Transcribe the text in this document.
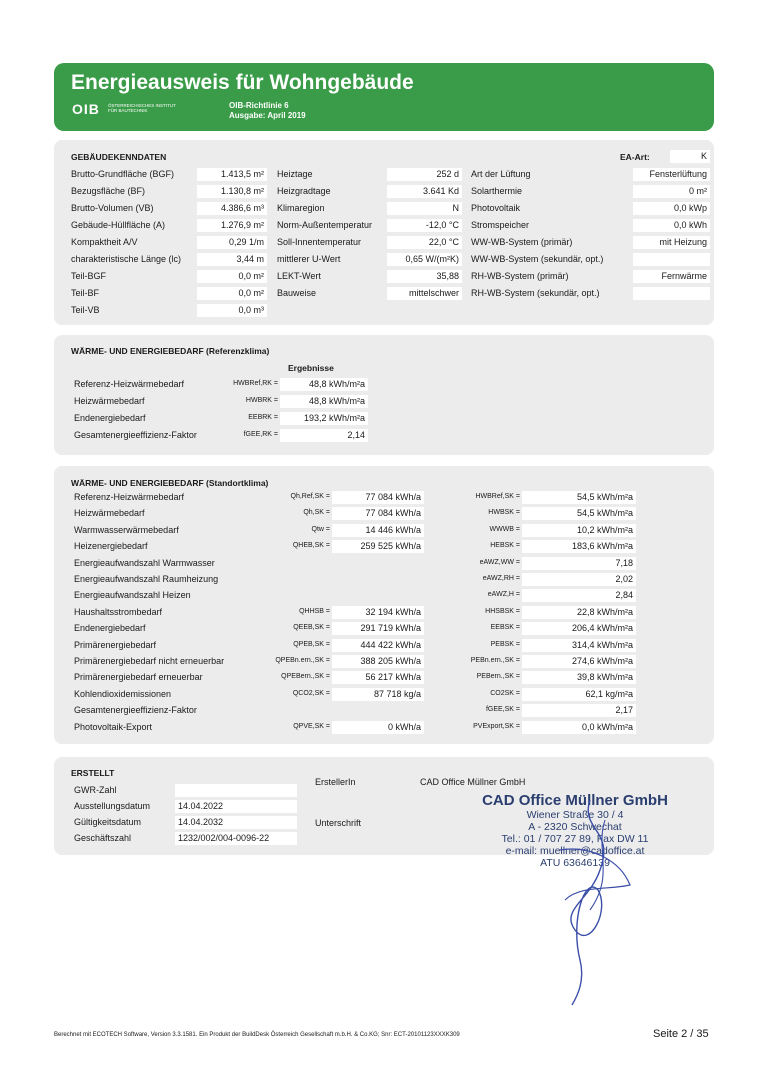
Energieausweis für Wohngebäude
OIB ÖSTERREICHISCHES INSTITUT FÜR BAUTECHNIK
OIB-Richtlinie 6
Ausgabe: April 2019
GEBÄUDEKENNDATEN	EA-Art:	K
Brutto-Grundfläche (BGF)	1.413,5 m²
Bezugsfläche (BF)	1.130,8 m²
Brutto-Volumen (VB)	4.386,6 m³
Gebäude-Hüllfläche (A)	1.276,9 m²
Kompaktheit A/V	0,29 1/m
charakteristische Länge (lc)	3,44 m
Teil-BGF	0,0 m²
Teil-BF	0,0 m²
Teil-VB	0,0 m³
Heiztage	252 d
Heizgradtage	3.641 Kd
Klimaregion	N
Norm-Außentemperatur	-12,0 °C
Soll-Innentemperatur	22,0 °C
mittlerer U-Wert	0,65 W/(m²K)
LEKT-Wert	35,88
Bauweise	mittelschwer
Art der Lüftung	Fensterlüftung
Solarthermie	0 m²
Photovoltaik	0,0 kWp
Stromspeicher	0,0 kWh
WW-WB-System (primär)	mit Heizung
WW-WB-System (sekundär, opt.)
RH-WB-System (primär)	Fernwärme
RH-WB-System (sekundär, opt.)
WÄRME- UND ENERGIEBEDARF (Referenzklima)
Ergebnisse
Referenz-Heizwärmebedarf	HWBRef,RK =	48,8 kWh/m²a
Heizwärmebedarf	HWBRK =	48,8 kWh/m²a
Endenergiebedarf	EEBRK =	193,2 kWh/m²a
Gesamtenergieeffizienz-Faktor	fGEE,RK =	2,14
WÄRME- UND ENERGIEBEDARF (Standortklima)
Referenz-Heizwärmebedarf	Qh,Ref,SK =	77 084 kWh/a	HWBRef,SK =	54,5 kWh/m²a
Heizwärmebedarf	Qh,SK =	77 084 kWh/a	HWBSK =	54,5 kWh/m²a
Warmwasserwärmebedarf	Qtw =	14 446 kWh/a	WWWB =	10,2 kWh/m²a
Heizenergiebedarf	QHEB,SK =	259 525 kWh/a	HEBSK =	183,6 kWh/m²a
Energieaufwandszahl Warmwasser	eAWZ,WW =	7,18
Energieaufwandszahl Raumheizung	eAWZ,RH =	2,02
Energieaufwandszahl Heizen	eAWZ,H =	2,84
Haushaltsstrombedarf	QHHSB =	32 194 kWh/a	HHSBSK =	22,8 kWh/m²a
Endenergiebedarf	QEEB,SK =	291 719 kWh/a	EEBSK =	206,4 kWh/m²a
Primärenergiebedarf	QPEB,SK =	444 422 kWh/a	PEBSK =	314,4 kWh/m²a
Primärenergiebedarf nicht erneuerbar	QPEBn.ern.,SK =	388 205 kWh/a	PEBn.ern.,SK =	274,6 kWh/m²a
Primärenergiebedarf erneuerbar	QPEBern.,SK =	56 217 kWh/a	PEBern.,SK =	39,8 kWh/m²a
Kohlendioxidemissionen	QCO2,SK =	87 718 kg/a	CO2SK =	62,1 kg/m²a
Gesamtenergieeffizienz-Faktor	fGEE,SK =	2,17
Photovoltaik-Export	QPVE,SK =	0 kWh/a	PVExport,SK =	0,0 kWh/m²a
ERSTELLT
GWR-Zahl
Ausstellungsdatum	14.04.2022
Gültigkeitsdatum	14.04.2032
Geschäftszahl	1232/002/004-0096-22
ErstellerIn	CAD Office Müllner GmbH
Unterschrift
CAD Office Müllner GmbH
Wiener Straße 30 / 4
A - 2320 Schwechat
Tel.: 01 / 707 27 89, Fax DW 11
e-mail: muellner@cadoffice.at
ATU 63646139
Berechnet mit ECOTECH Software, Version 3.3.1581. Ein Produkt der BuildDesk Österreich Gesellschaft m.b.H. & Co.KG; Snr: ECT-20101123XXXK309	Seite 2 / 35
